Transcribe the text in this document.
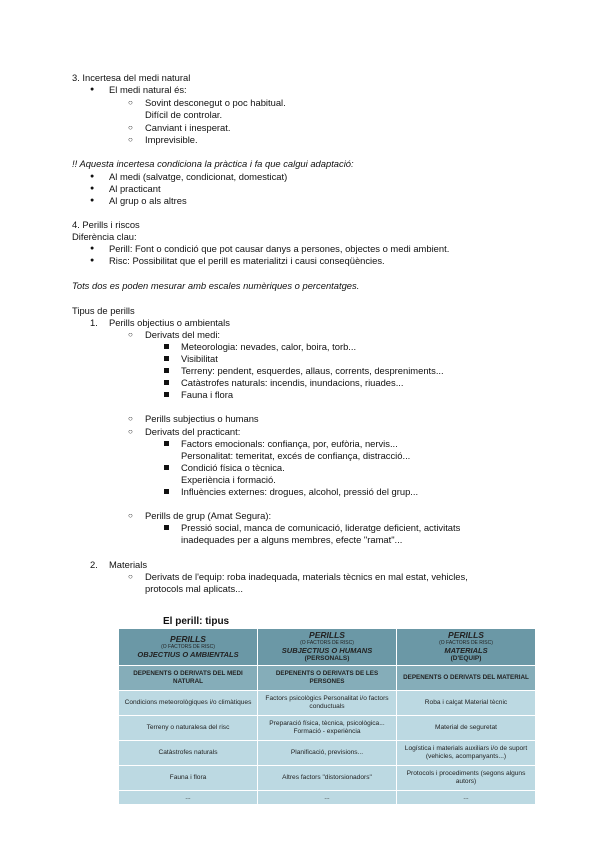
3. Incertesa del medi natural
● El medi natural és:
○ Sovint desconegut o poc habitual.
Difícil de controlar.
○ Canviant i inesperat.
○ Imprevisible.
!! Aquesta incertesa condiciona la pràctica i fa que calgui adaptació:
● Al medi (salvatge, condicionat, domesticat)
● Al practicant
● Al grup o als altres
4. Perills i riscos
Diferència clau:
● Perill: Font o condició que pot causar danys a persones, objectes o medi ambient.
● Risc: Possibilitat que el perill es materialitzi i causi conseqüències.
Tots dos es poden mesurar amb escales numèriques o percentatges.
Tipus de perills
1. Perills objectius o ambientals
○ Derivats del medi:
Meteorologia: nevades, calor, boira, torb...
Visibilitat
Terreny: pendent, esquerdes, allaus, corrents, despreniments...
Catàstrofes naturals: incendis, inundacions, riuades...
Fauna i flora
○ Perills subjectius o humans
○ Derivats del practicant:
Factors emocionals: confiança, por, eufòria, nervis...
Personalitat: temeritat, excés de confiança, distracció...
Condició física o tècnica.
Experiència i formació.
Influències externes: drogues, alcohol, pressió del grup...
○ Perills de grup (Amat Segura):
Pressió social, manca de comunicació, lideratge deficient, activitats
inadequades per a alguns membres, efecte "ramat"...
2. Materials
○ Derivats de l'equip: roba inadequada, materials tècnics en mal estat, vehicles,
protocols mal aplicats...
El perill: tipus
PERILLS
(O FACTORS DE RISC)
OBJECTIUS O AMBIENTALS	PERILLS
(O FACTORS DE RISC)
SUBJECTIUS O HUMANS
(PERSONALS)	PERILLS
(O FACTORS DE RISC)
MATERIALS
(D'EQUIP)

DEPENENTS O DERIVATS DEL MEDI NATURAL	DEPENENTS O DERIVATS DE LES PERSONES	DEPENENTS O DERIVATS DEL MATERIAL
Condicions meteorològiques i/o climàtiques	Factors psicològics Personalitat i/o factors conductuals	Roba i calçat Material tècnic
Terreny o naturalesa del risc	Preparació física, tècnica, psicològica... Formació - experiència	Material de seguretat
Catàstrofes naturals	Planificació, previsions...	Logística i materials auxiliars i/o de suport (vehicles, acompanyants...)
Fauna i flora	Altres factors "distorsionadors"	Protocols i procediments (segons alguns autors)
...	...	...
